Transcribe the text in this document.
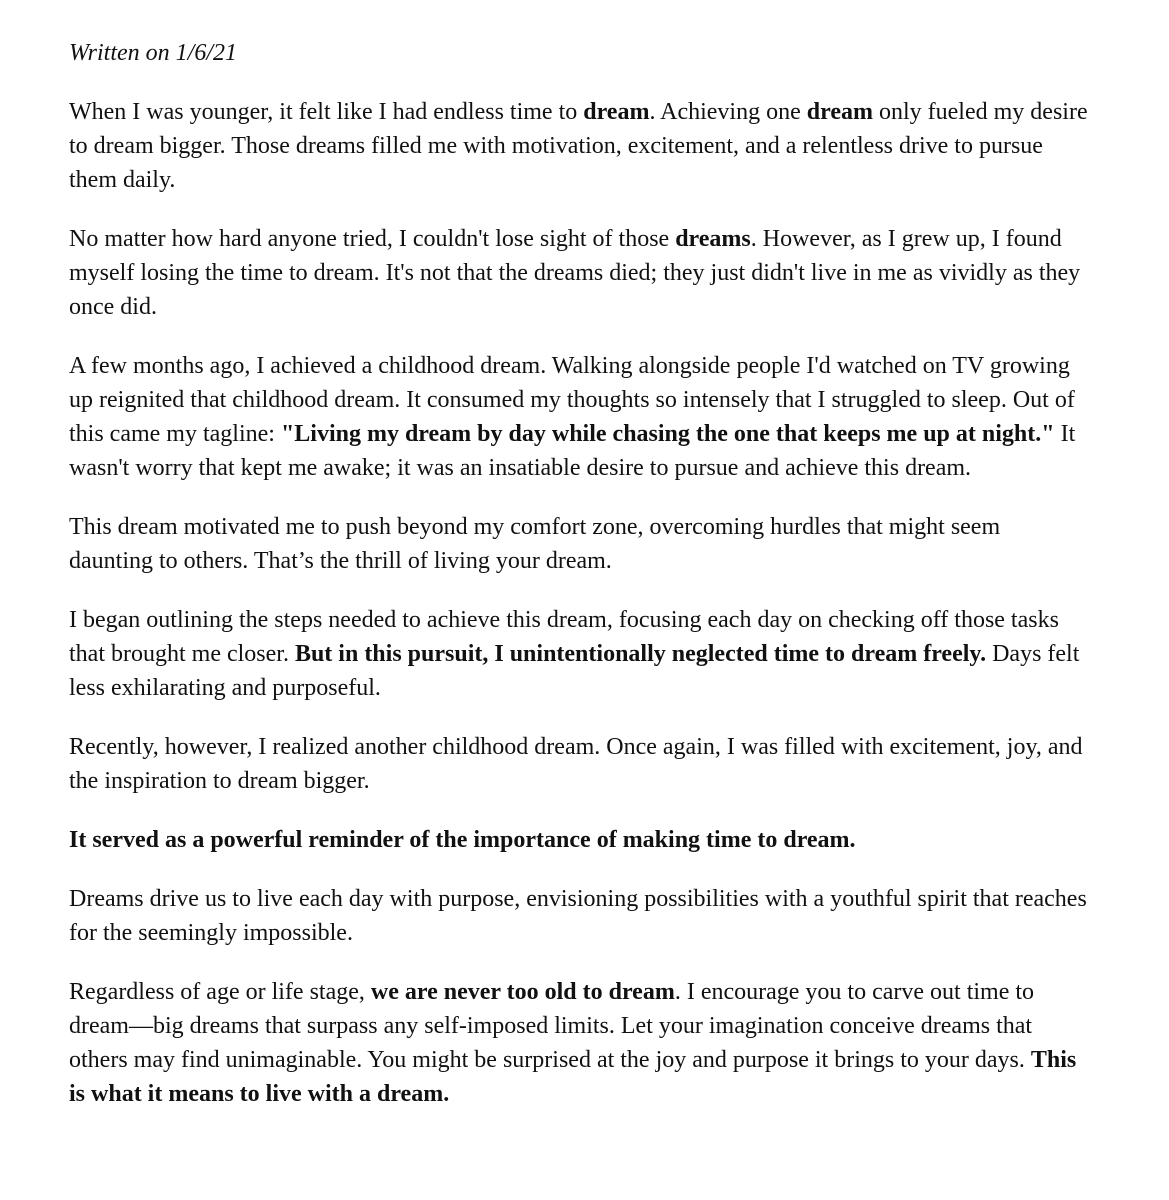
Written on 1/6/21

When I was younger, it felt like I had endless time to dream. Achieving one dream only fueled my desire to dream bigger. Those dreams filled me with motivation, excitement, and a relentless drive to pursue them daily.

No matter how hard anyone tried, I couldn't lose sight of those dreams. However, as I grew up, I found myself losing the time to dream. It's not that the dreams died; they just didn't live in me as vividly as they once did.

A few months ago, I achieved a childhood dream. Walking alongside people I'd watched on TV growing up reignited that childhood dream. It consumed my thoughts so intensely that I struggled to sleep. Out of this came my tagline: "Living my dream by day while chasing the one that keeps me up at night." It wasn't worry that kept me awake; it was an insatiable desire to pursue and achieve this dream.

This dream motivated me to push beyond my comfort zone, overcoming hurdles that might seem daunting to others. That’s the thrill of living your dream.

I began outlining the steps needed to achieve this dream, focusing each day on checking off those tasks that brought me closer. But in this pursuit, I unintentionally neglected time to dream freely. Days felt less exhilarating and purposeful.

Recently, however, I realized another childhood dream. Once again, I was filled with excitement, joy, and the inspiration to dream bigger.

It served as a powerful reminder of the importance of making time to dream.

Dreams drive us to live each day with purpose, envisioning possibilities with a youthful spirit that reaches for the seemingly impossible.

Regardless of age or life stage, we are never too old to dream. I encourage you to carve out time to dream—big dreams that surpass any self-imposed limits. Let your imagination conceive dreams that others may find unimaginable. You might be surprised at the joy and purpose it brings to your days. This is what it means to live with a dream.
